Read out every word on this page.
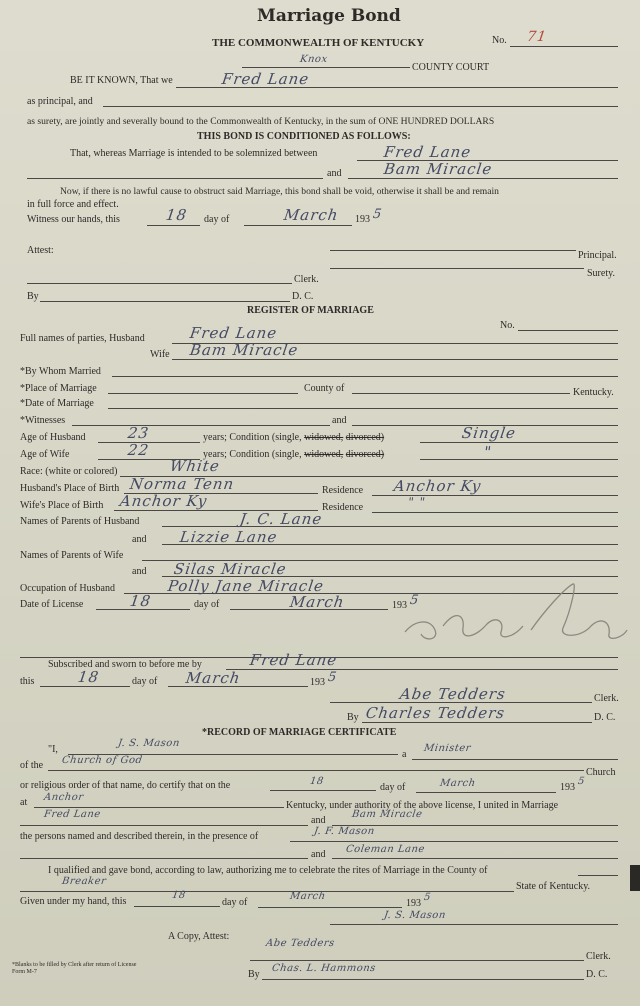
Marriage Bond
THE COMMONWEALTH OF KENTUCKY	No. 71
Knox
COUNTY COURT
BE IT KNOWN, That we	Fred Lane
as principal, and
as surety, are jointly and severally bound to the Commonwealth of Kentucky, in the sum of ONE HUNDRED DOLLARS
THIS BOND IS CONDITIONED AS FOLLOWS:
That, whereas Marriage is intended to be solemnized between	Fred Lane
and	Bam Miracle
Now, if there is no lawful cause to obstruct said Marriage, this bond shall be void, otherwise it shall be and remain
in full force and effect.
Witness our hands, this	18 day of	March 193 5
Attest:	Principal.
Surety.
Clerk.
By	D. C.
REGISTER OF MARRIAGE
No.
Full names of parties, Husband	Fred Lane
Wife Bam Miracle
*By Whom Married
*Place of Marriage	County of	Kentucky.
*Date of Marriage
*Witnesses	and
Age of Husband	23	years; Condition (single, widowed, divorced)	Single
Age of Wife	22	years; Condition (single, widowed, divorced)	"
Race: (white or colored)	White
Husband's Place of Birth Norma Tenn	Residence Anchor Ky
Wife's Place of Birth Anchor Ky	Residence	" "
Names of Parents of Husband	J. C. Lane
and Lizzie Lane
Names of Parents of Wife
and Silas Miracle
Occupation of Husband	Polly Jane Miracle
Date of License	18	day of	March	193 5
Subscribed and sworn to before me by	Fred Lane
this	18	day of March	193 5
Abe Tedders	Clerk.
By Charles Tedders	D. C.
*RECORD OF MARRIAGE CERTIFICATE
"I,
J. S. Mason
a
Minister
of the Church of God
Church
or religious order of that name, do certify that on the	18
day of	March	193
5
at Anchor
Kentucky, under authority of the above license, I united in Marriage
Fred Lane
and
Bam Miracle
the persons named and described therein, in the presence of	J. F. Mason
and Coleman Lane
I qualified and gave bond, according to law, authorizing me to celebrate the rites of Marriage in the County of
Breaker	State of Kentucky.
Given under my hand, this
18
day of
March
193
5
J. S. Mason
A Copy, Attest:
Abe Tedders
Clerk.
By
Chas. L. Hammons
D. C.
*Blanks to be filled by Clerk after return of License
Form M-7
